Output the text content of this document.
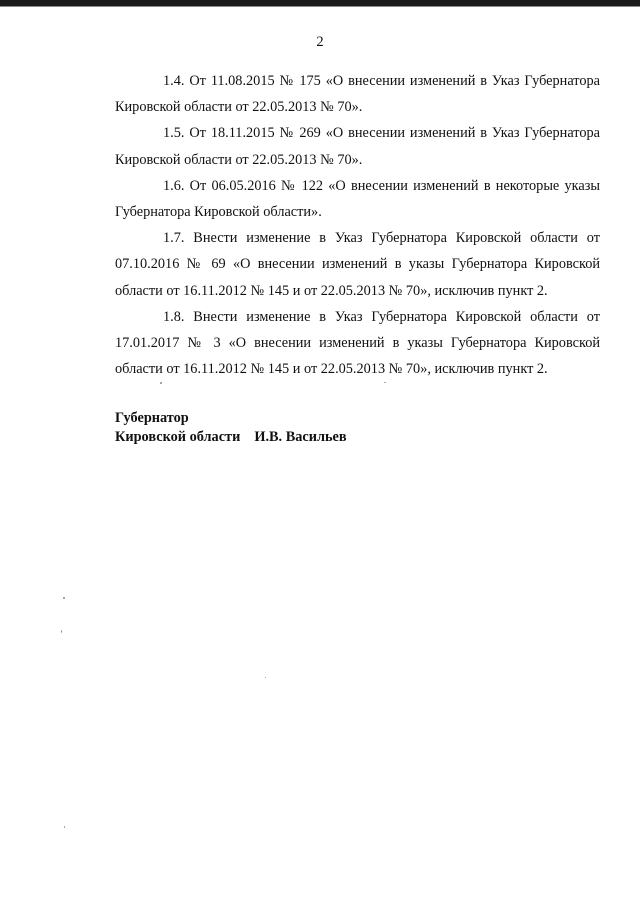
2

1.4. От 11.08.2015 № 175 «О внесении изменений в Указ Губернатора Кировской области от 22.05.2013 № 70».

1.5. От 18.11.2015 № 269 «О внесении изменений в Указ Губернатора Кировской области от 22.05.2013 № 70».

1.6. От 06.05.2016 № 122 «О внесении изменений в некоторые указы Губернатора Кировской области».

1.7. Внести изменение в Указ Губернатора Кировской области от 07.10.2016 № 69 «О внесении изменений в указы Губернатора Кировской области от 16.11.2012 № 145 и от 22.05.2013 № 70», исключив пункт 2.

1.8. Внести изменение в Указ Губернатора Кировской области от 17.01.2017 № 3 «О внесении изменений в указы Губернатора Кировской области от 16.11.2012 № 145 и от 22.05.2013 № 70», исключив пункт 2.

Губернатор
Кировской области И.В. Васильев
